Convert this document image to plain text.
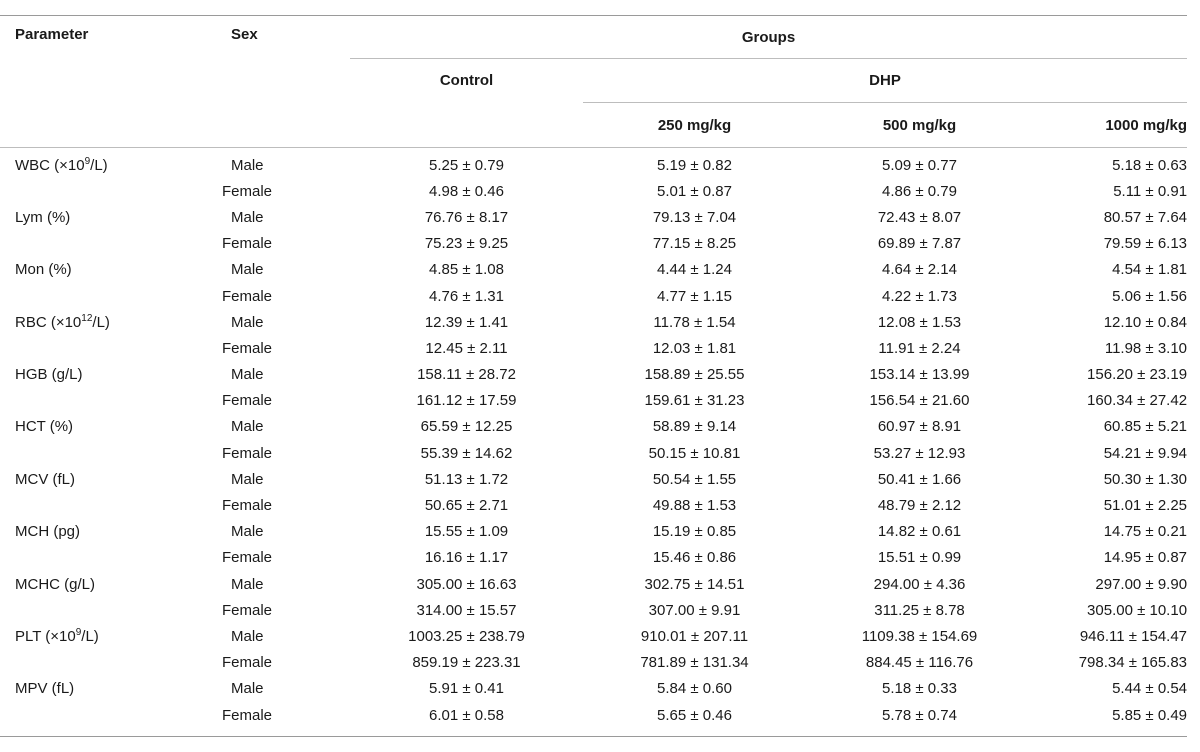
Parameter	Sex	Groups			
		Control	DHP		
			250 mg/kg	500 mg/kg	1000 mg/kg
WBC $(\times 10^9/L)$	Male	5.25 ± 0.79	5.19 ± 0.82	5.09 ± 0.77	5.18 ± 0.63
	Female	4.98 ± 0.46	5.01 ± 0.87	4.86 ± 0.79	5.11 ± 0.91
Lym (%)	Male	76.76 ± 8.17	79.13 ± 7.04	72.43 ± 8.07	80.57 ± 7.64
	Female	75.23 ± 9.25	77.15 ± 8.25	69.89 ± 7.87	79.59 ± 6.13
Mon (%)	Male	4.85 ± 1.08	4.44 ± 1.24	4.64 ± 2.14	4.54 ± 1.81
	Female	4.76 ± 1.31	4.77 ± 1.15	4.22 ± 1.73	5.06 ± 1.56
RBC $(\times 10^{12}/L)$	Male	12.39 ± 1.41	11.78 ± 1.54	12.08 ± 1.53	12.10 ± 0.84
	Female	12.45 ± 2.11	12.03 ± 1.81	11.91 ± 2.24	11.98 ± 3.10
HGB (g/L)	Male	158.11 ± 28.72	158.89 ± 25.55	153.14 ± 13.99	156.20 ± 23.19
	Female	161.12 ± 17.59	159.61 ± 31.23	156.54 ± 21.60	160.34 ± 27.42
HCT (%)	Male	65.59 ± 12.25	58.89 ± 9.14	60.97 ± 8.91	60.85 ± 5.21
	Female	55.39 ± 14.62	50.15 ± 10.81	53.27 ± 12.93	54.21 ± 9.94
MCV (fL)	Male	51.13 ± 1.72	50.54 ± 1.55	50.41 ± 1.66	50.30 ± 1.30
	Female	50.65 ± 2.71	49.88 ± 1.53	48.79 ± 2.12	51.01 ± 2.25
MCH (pg)	Male	15.55 ± 1.09	15.19 ± 0.85	14.82 ± 0.61	14.75 ± 0.21
	Female	16.16 ± 1.17	15.46 ± 0.86	15.51 ± 0.99	14.95 ± 0.87
MCHC (g/L)	Male	305.00 ± 16.63	302.75 ± 14.51	294.00 ± 4.36	297.00 ± 9.90
	Female	314.00 ± 15.57	307.00 ± 9.91	311.25 ± 8.78	305.00 ± 10.10
PLT $(\times 10^9/L)$	Male	1003.25 ± 238.79	910.01 ± 207.11	1109.38 ± 154.69	946.11 ± 154.47
	Female	859.19 ± 223.31	781.89 ± 131.34	884.45 ± 116.76	798.34 ± 165.83
MPV (fL)	Male	5.91 ± 0.41	5.84 ± 0.60	5.18 ± 0.33	5.44 ± 0.54
	Female	6.01 ± 0.58	5.65 ± 0.46	5.78 ± 0.74	5.85 ± 0.49
